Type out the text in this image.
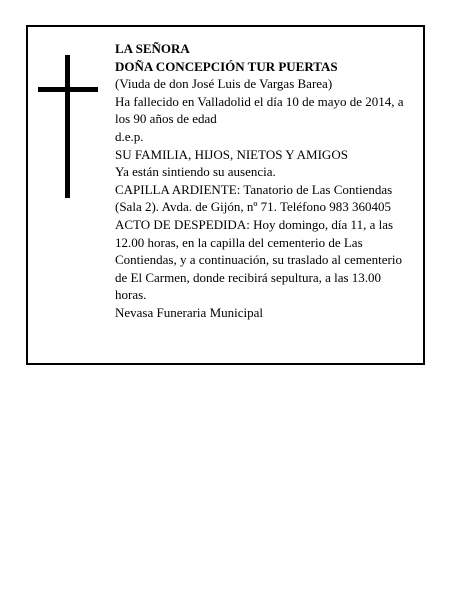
LA SEÑORA
DOÑA CONCEPCIÓN TUR PUERTAS
(Viuda de don José Luis de Vargas Barea)
Ha fallecido en Valladolid el día 10 de mayo de 2014, a
los 90 años de edad
d.e.p.
SU FAMILIA, HIJOS, NIETOS Y AMIGOS
Ya están sintiendo su ausencia.
CAPILLA ARDIENTE: Tanatorio de Las Contiendas
(Sala 2). Avda. de Gijón, nº 71. Teléfono 983 360405
ACTO DE DESPEDIDA: Hoy domingo, día 11, a las
12.00 horas, en la capilla del cementerio de Las
Contiendas, y a continuación, su traslado al cementerio
de El Carmen, donde recibirá sepultura, a las 13.00
horas.
Nevasa Funeraria Municipal
